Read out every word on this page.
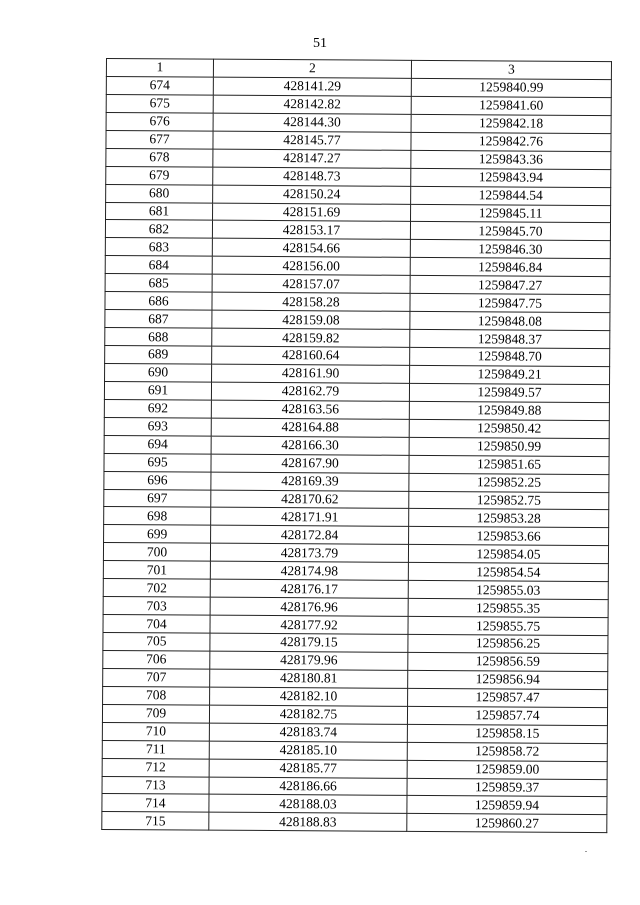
51
1	2	3
674	428141.29	1259840.99
675	428142.82	1259841.60
676	428144.30	1259842.18
677	428145.77	1259842.76
678	428147.27	1259843.36
679	428148.73	1259843.94
680	428150.24	1259844.54
681	428151.69	1259845.11
682	428153.17	1259845.70
683	428154.66	1259846.30
684	428156.00	1259846.84
685	428157.07	1259847.27
686	428158.28	1259847.75
687	428159.08	1259848.08
688	428159.82	1259848.37
689	428160.64	1259848.70
690	428161.90	1259849.21
691	428162.79	1259849.57
692	428163.56	1259849.88
693	428164.88	1259850.42
694	428166.30	1259850.99
695	428167.90	1259851.65
696	428169.39	1259852.25
697	428170.62	1259852.75
698	428171.91	1259853.28
699	428172.84	1259853.66
700	428173.79	1259854.05
701	428174.98	1259854.54
702	428176.17	1259855.03
703	428176.96	1259855.35
704	428177.92	1259855.75
705	428179.15	1259856.25
706	428179.96	1259856.59
707	428180.81	1259856.94
708	428182.10	1259857.47
709	428182.75	1259857.74
710	428183.74	1259858.15
711	428185.10	1259858.72
712	428185.77	1259859.00
713	428186.66	1259859.37
714	428188.03	1259859.94
715	428188.83	1259860.27
